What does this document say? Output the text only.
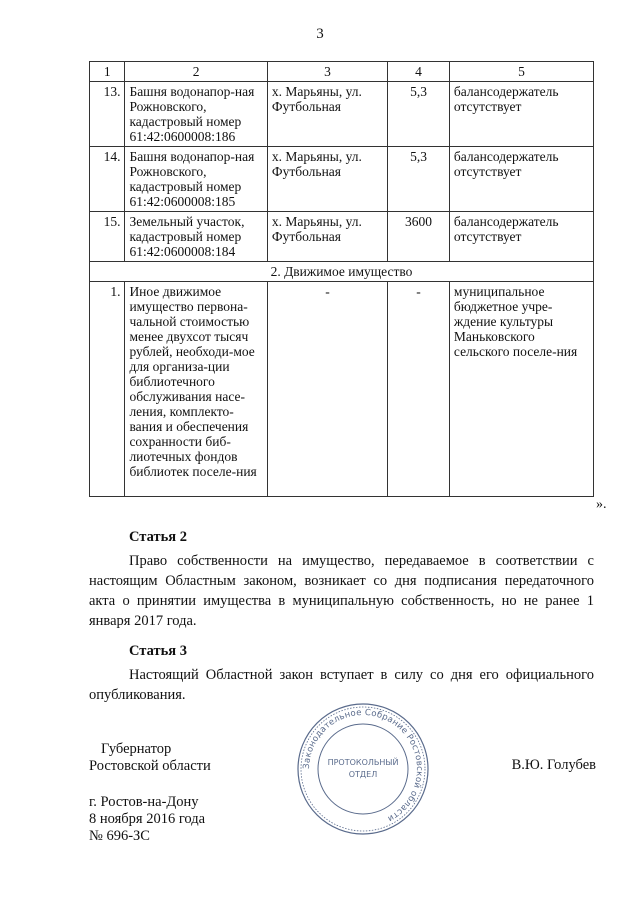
3
1	2	3	4	5
13.	Башня водонапор-ная Рожновского, кадастровый номер 61:42:0600008:186	х. Марьяны, ул. Футбольная	5,3	балансодержатель отсутствует
14.	Башня водонапор-ная Рожновского, кадастровый номер 61:42:0600008:185	х. Марьяны, ул. Футбольная	5,3	балансодержатель отсутствует
15.	Земельный участок, кадастровый номер 61:42:0600008:184	х. Марьяны, ул. Футбольная	3600	балансодержатель отсутствует
2. Движимое имущество				
1.	Иное движимое имущество первона-чальной стоимостью менее двухсот тысяч рублей, необходи-мое для организа-ции библиотечного обслуживания насе-ления, комплекто-вания и обеспечения сохранности биб-лиотечных фондов библиотек поселе-ния	-	-	муниципальное бюджетное учре-ждение культуры Маньковского сельского поселе-ния
».
Статья 2

Право собственности на имущество, передаваемое в соответствии с настоящим Областным законом, возникает со дня подписания передаточного акта о принятии имущества в муниципальную собственность, но не ранее 1 января 2017 года.

Статья 3

Настоящий Областной закон вступает в силу со дня его официального опубликования.

Губернатор
Ростовской области	Законодательное Собрание Ростовской области
ПРОТОКОЛЬНЫЙ
ОТДЕЛ
В.Ю. Голубев
г. Ростов-на-Дону
8 ноября 2016 года
№ 696-ЗС
